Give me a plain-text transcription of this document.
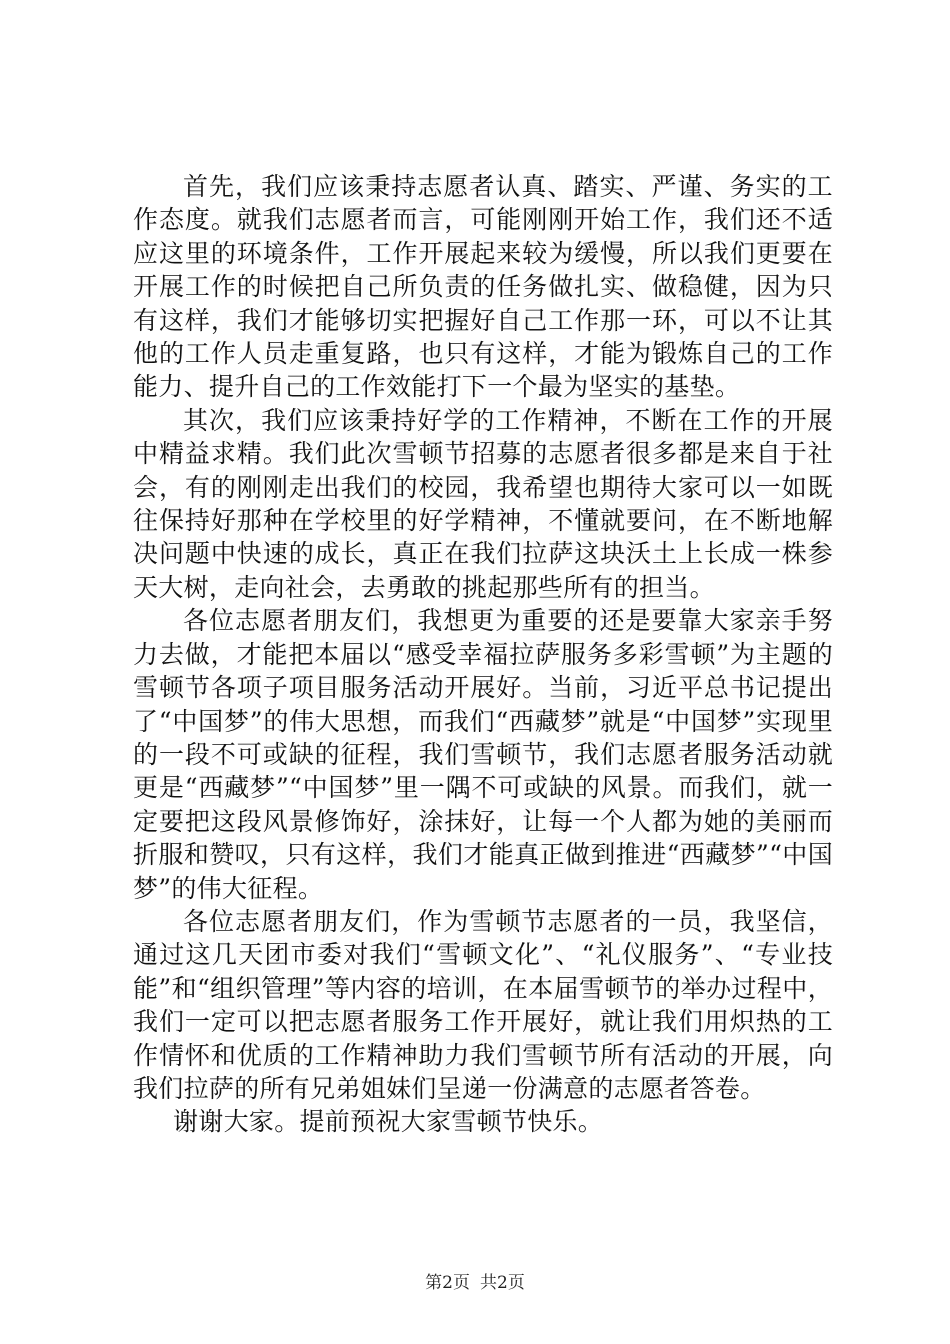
首先，我们应该秉持志愿者认真、踏实、严谨、务实的工作态度。就我们志愿者而言，可能刚刚开始工作，我们还不适应这里的环境条件，工作开展起来较为缓慢，所以我们更要在开展工作的时候把自己所负责的任务做扎实、做稳健，因为只有这样，我们才能够切实把握好自己工作那一环，可以不让其他的工作人员走重复路，也只有这样，才能为锻炼自己的工作能力、提升自己的工作效能打下一个最为坚实的基垫。

其次，我们应该秉持好学的工作精神，不断在工作的开展中精益求精。我们此次雪顿节招募的志愿者很多都是来自于社会，有的刚刚走出我们的校园，我希望也期待大家可以一如既往保持好那种在学校里的好学精神，不懂就要问，在不断地解决问题中快速的成长，真正在我们拉萨这块沃土上长成一株参天大树，走向社会，去勇敢的挑起那些所有的担当。

各位志愿者朋友们，我想更为重要的还是要靠大家亲手努力去做，才能把本届以“感受幸福拉萨服务多彩雪顿”为主题的雪顿节各项子项目服务活动开展好。当前，习近平总书记提出了“中国梦”的伟大思想，而我们“西藏梦”就是“中国梦”实现里的一段不可或缺的征程，我们雪顿节，我们志愿者服务活动就更是“西藏梦”“中国梦”里一隅不可或缺的风景。而我们，就一定要把这段风景修饰好，涂抹好，让每一个人都为她的美丽而折服和赞叹，只有这样，我们才能真正做到推进“西藏梦”“中国梦”的伟大征程。

各位志愿者朋友们，作为雪顿节志愿者的一员，我坚信，通过这几天团市委对我们“雪顿文化”、“礼仪服务”、“专业技能”和“组织管理”等内容的培训，在本届雪顿节的举办过程中，我们一定可以把志愿者服务工作开展好，就让我们用炽热的工作情怀和优质的工作精神助力我们雪顿节所有活动的开展，向我们拉萨的所有兄弟姐妹们呈递一份满意的志愿者答卷。

谢谢大家。提前预祝大家雪顿节快乐。

第2页 共2页
